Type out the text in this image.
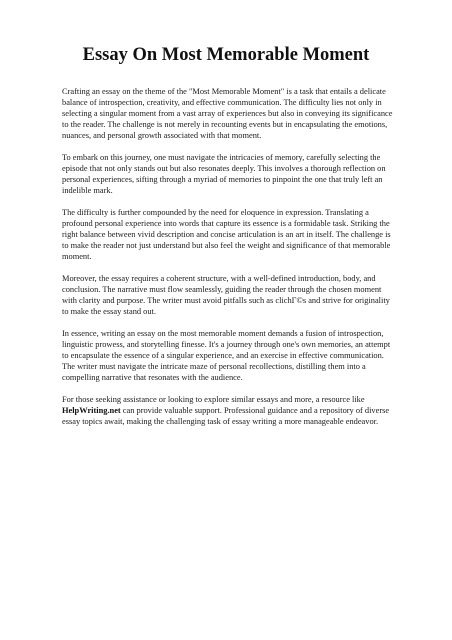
Essay On Most Memorable Moment

Crafting an essay on the theme of the "Most Memorable Moment" is a task that entails a delicate balance of introspection, creativity, and effective communication. The difficulty lies not only in selecting a singular moment from a vast array of experiences but also in conveying its significance to the reader. The challenge is not merely in recounting events but in encapsulating the emotions, nuances, and personal growth associated with that moment.

To embark on this journey, one must navigate the intricacies of memory, carefully selecting the episode that not only stands out but also resonates deeply. This involves a thorough reflection on personal experiences, sifting through a myriad of memories to pinpoint the one that truly left an indelible mark.

The difficulty is further compounded by the need for eloquence in expression. Translating a profound personal experience into words that capture its essence is a formidable task. Striking the right balance between vivid description and concise articulation is an art in itself. The challenge is to make the reader not just understand but also feel the weight and significance of that memorable moment.

Moreover, the essay requires a coherent structure, with a well-defined introduction, body, and conclusion. The narrative must flow seamlessly, guiding the reader through the chosen moment with clarity and purpose. The writer must avoid pitfalls such as clichГ©s and strive for originality to make the essay stand out.

In essence, writing an essay on the most memorable moment demands a fusion of introspection, linguistic prowess, and storytelling finesse. It's a journey through one's own memories, an attempt to encapsulate the essence of a singular experience, and an exercise in effective communication. The writer must navigate the intricate maze of personal recollections, distilling them into a compelling narrative that resonates with the audience.

For those seeking assistance or looking to explore similar essays and more, a resource like
HelpWriting.net can provide valuable support. Professional guidance and a repository of diverse essay topics await, making the challenging task of essay writing a more manageable endeavor.
